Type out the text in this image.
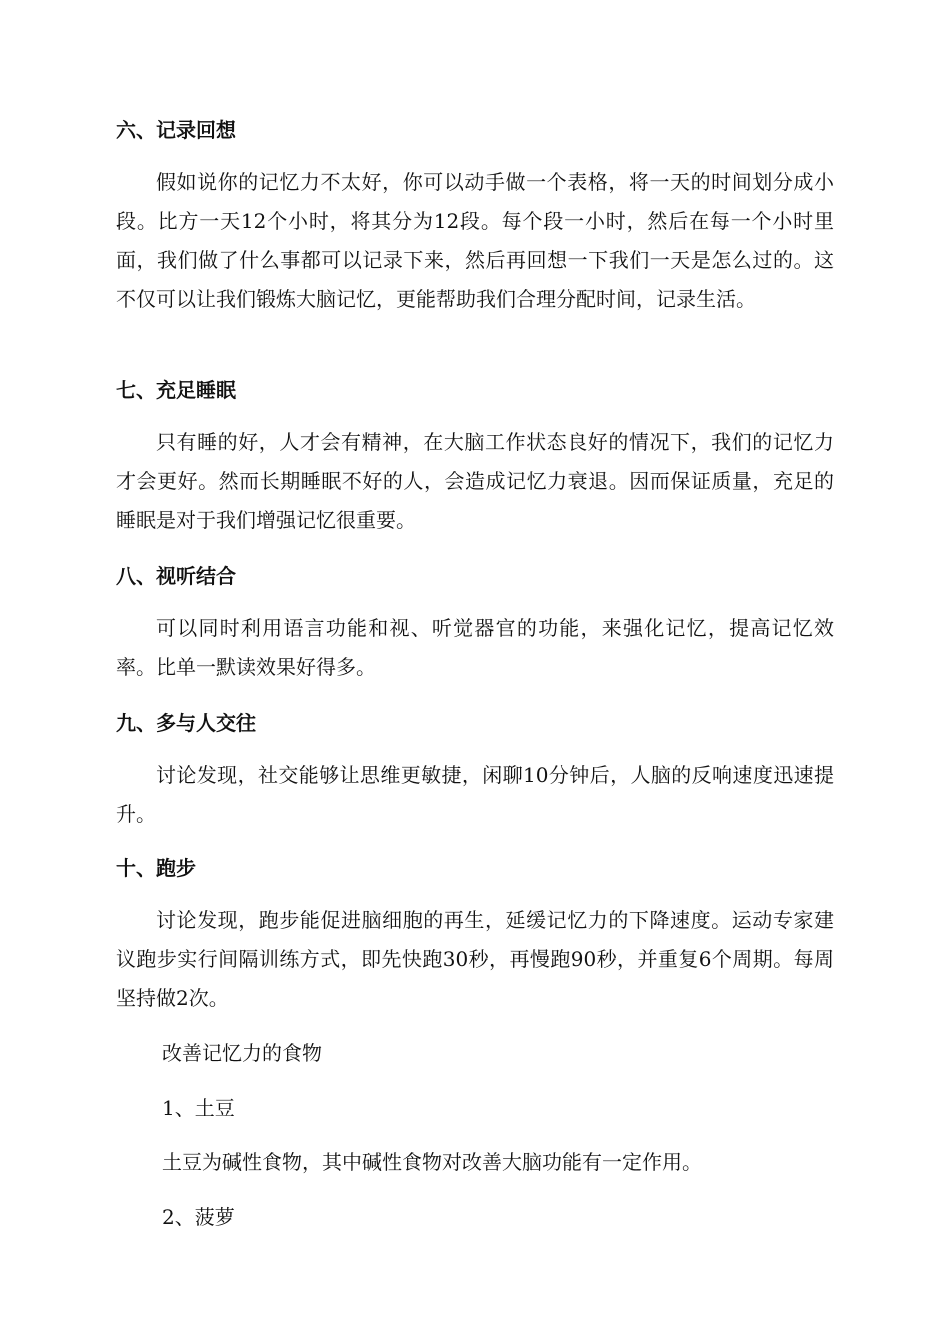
六、记录回想

假如说你的记忆力不太好，你可以动手做一个表格，将一天的时间划分成小段。比方一天12个小时，将其分为12段。每个段一小时，然后在每一个小时里面，我们做了什么事都可以记录下来，然后再回想一下我们一天是怎么过的。这不仅可以让我们锻炼大脑记忆，更能帮助我们合理分配时间，记录生活。

七、充足睡眠

只有睡的好，人才会有精神，在大脑工作状态良好的情况下，我们的记忆力才会更好。然而长期睡眠不好的人，会造成记忆力衰退。因而保证质量，充足的睡眠是对于我们增强记忆很重要。

八、视听结合

可以同时利用语言功能和视、听觉器官的功能，来强化记忆，提高记忆效率。比单一默读效果好得多。

九、多与人交往

讨论发现，社交能够让思维更敏捷，闲聊10分钟后，人脑的反响速度迅速提升。

十、跑步

讨论发现，跑步能促进脑细胞的再生，延缓记忆力的下降速度。运动专家建议跑步实行间隔训练方式，即先快跑30秒，再慢跑90秒，并重复6个周期。每周坚持做2次。

改善记忆力的食物

1、土豆

土豆为碱性食物，其中碱性食物对改善大脑功能有一定作用。

2、菠萝
